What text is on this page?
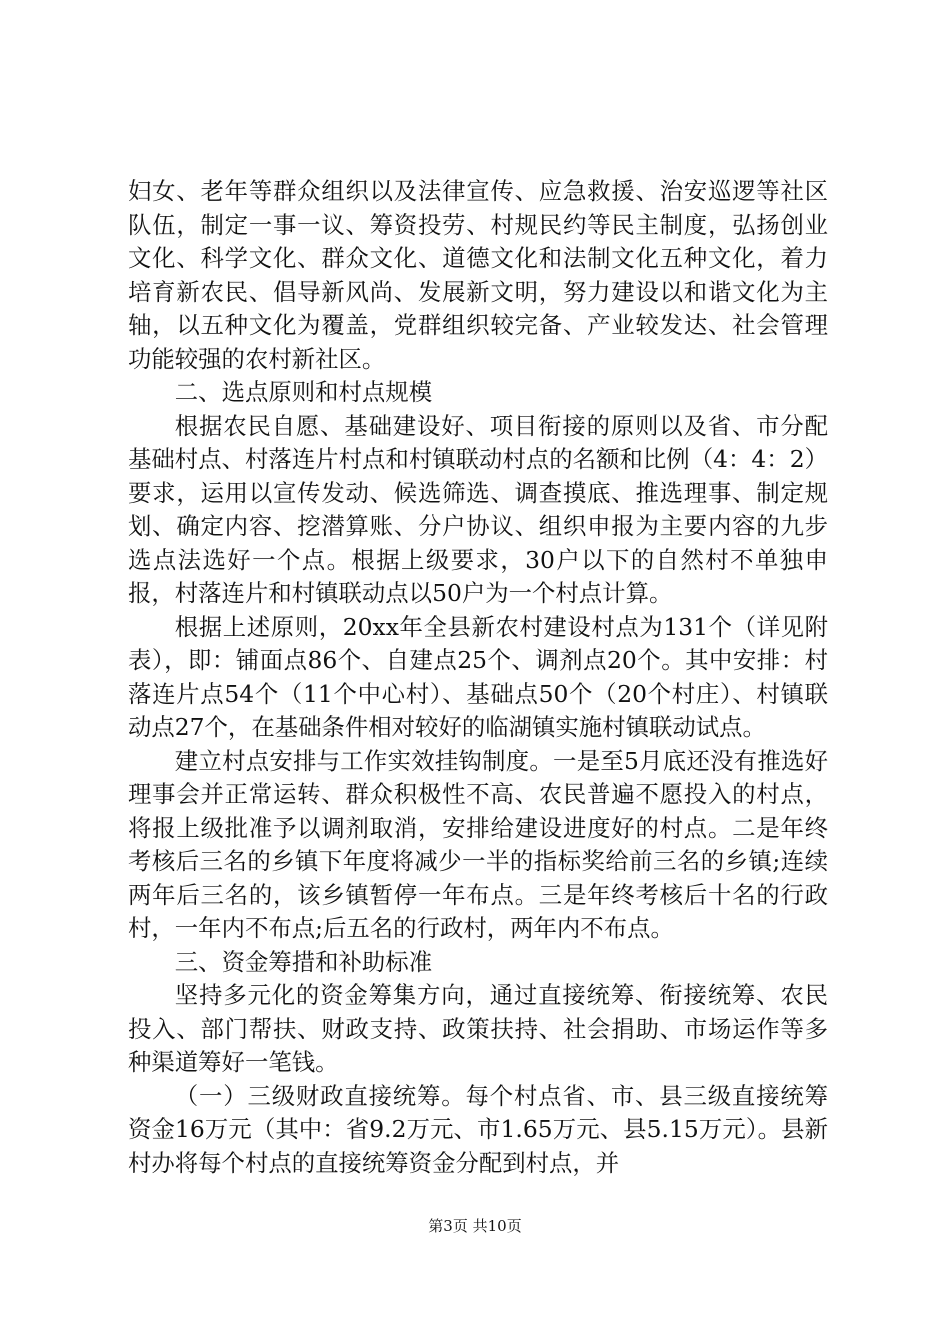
妇女、老年等群众组织以及法律宣传、应急救援、治安巡逻等社区队伍，制定一事一议、筹资投劳、村规民约等民主制度，弘扬创业文化、科学文化、群众文化、道德文化和法制文化五种文化，着力培育新农民、倡导新风尚、发展新文明，努力建设以和谐文化为主轴，以五种文化为覆盖，党群组织较完备、产业较发达、社会管理功能较强的农村新社区。

二、选点原则和村点规模

根据农民自愿、基础建设好、项目衔接的原则以及省、市分配基础村点、村落连片村点和村镇联动村点的名额和比例（4：4：2）要求，运用以宣传发动、候选筛选、调查摸底、推选理事、制定规划、确定内容、挖潜算账、分户协议、组织申报为主要内容的九步选点法选好一个点。根据上级要求，30户以下的自然村不单独申报，村落连片和村镇联动点以50户为一个村点计算。

根据上述原则，20xx年全县新农村建设村点为131个（详见附表），即：铺面点86个、自建点25个、调剂点20个。其中安排：村落连片点54个（11个中心村）、基础点50个（20个村庄）、村镇联动点27个，在基础条件相对较好的临湖镇实施村镇联动试点。

建立村点安排与工作实效挂钩制度。一是至5月底还没有推选好理事会并正常运转、群众积极性不高、农民普遍不愿投入的村点，将报上级批准予以调剂取消，安排给建设进度好的村点。二是年终考核后三名的乡镇下年度将减少一半的指标奖给前三名的乡镇;连续两年后三名的，该乡镇暂停一年布点。三是年终考核后十名的行政村，一年内不布点;后五名的行政村，两年内不布点。

三、资金筹措和补助标准

坚持多元化的资金筹集方向，通过直接统筹、衔接统筹、农民投入、部门帮扶、财政支持、政策扶持、社会捐助、市场运作等多种渠道筹好一笔钱。

（一）三级财政直接统筹。每个村点省、市、县三级直接统筹资金16万元（其中：省9.2万元、市1.65万元、县5.15万元）。县新村办将每个村点的直接统筹资金分配到村点，并

第3页 共10页
